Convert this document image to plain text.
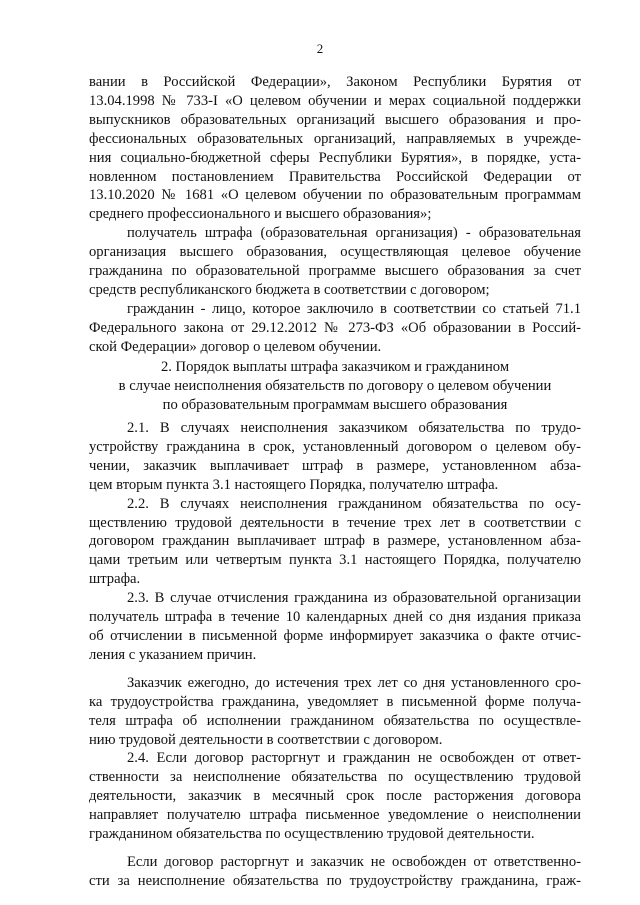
2

вании в Российской Федерации», Законом Республики Бурятия от
13.04.1998 № 733-I «О целевом обучении и мерах социальной поддержки
выпускников образовательных организаций высшего образования и про-
фессиональных образовательных организаций, направляемых в учрежде-
ния социально-бюджетной сферы Республики Бурятия», в порядке, уста-
новленном постановлением Правительства Российской Федерации от
13.10.2020 № 1681 «О целевом обучении по образовательным программам
среднего профессионального и высшего образования»;

получатель штрафа (образовательная организация) - образовательная
организация высшего образования, осуществляющая целевое обучение
гражданина по образовательной программе высшего образования за счет
средств республиканского бюджета в соответствии с договором;

гражданин - лицо, которое заключило в соответствии со статьей 71.1
Федерального закона от 29.12.2012 № 273-ФЗ «Об образовании в Россий-
ской Федерации» договор о целевом обучении.

2. Порядок выплаты штрафа заказчиком и гражданином
в случае неисполнения обязательств по договору о целевом обучении
по образовательным программам высшего образования

2.1. В случаях неисполнения заказчиком обязательства по трудо-
устройству гражданина в срок, установленный договором о целевом обу-
чении, заказчик выплачивает штраф в размере, установленном абза-
цем вторым пункта 3.1 настоящего Порядка, получателю штрафа.

2.2. В случаях неисполнения гражданином обязательства по осу-
ществлению трудовой деятельности в течение трех лет в соответствии с
договором гражданин выплачивает штраф в размере, установленном абза-
цами третьим или четвертым пункта 3.1 настоящего Порядка, получателю
штрафа.

2.3. В случае отчисления гражданина из образовательной организации
получатель штрафа в течение 10 календарных дней со дня издания приказа
об отчислении в письменной форме информирует заказчика о факте отчис-
ления с указанием причин.

Заказчик ежегодно, до истечения трех лет со дня установленного сро-
ка трудоустройства гражданина, уведомляет в письменной форме получа-
теля штрафа об исполнении гражданином обязательства по осуществле-
нию трудовой деятельности в соответствии с договором.

2.4. Если договор расторгнут и гражданин не освобожден от ответ-
ственности за неисполнение обязательства по осуществлению трудовой
деятельности, заказчик в месячный срок после расторжения договора
направляет получателю штрафа письменное уведомление о неисполнении
гражданином обязательства по осуществлению трудовой деятельности.

Если договор расторгнут и заказчик не освобожден от ответственно-
сти за неисполнение обязательства по трудоустройству гражданина, граж-
